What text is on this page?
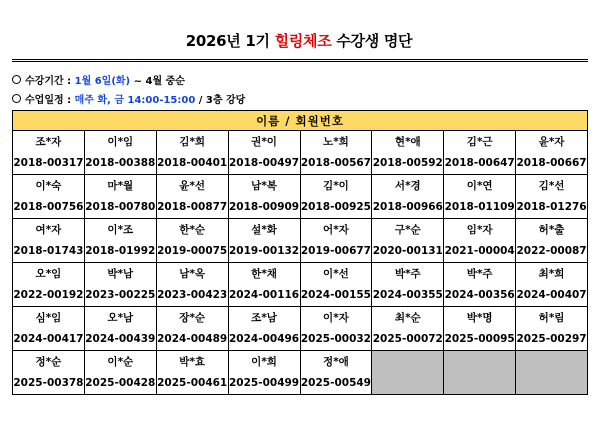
2026년 1기 힐링체조 수강생 명단
수강기간 : 1월 6일(화) ~ 4월 중순
수업일정 : 매주 화, 금 14:00-15:00 / 3층 강당
이름 / 회원번호							
조*자	이*임	김*희	권*이	노*희	현*애	김*근	윤*자
2018-00317	2018-00388	2018-00401	2018-00497	2018-00567	2018-00592	2018-00647	2018-00667
이*숙	마*월	윤*선	남*복	김*이	서*경	이*연	김*선
2018-00756	2018-00780	2018-00877	2018-00909	2018-00925	2018-00966	2018-01109	2018-01276
여*자	이*조	한*순	설*화	어*자	구*순	임*자	허*출
2018-01743	2018-01992	2019-00075	2019-00132	2019-00677	2020-00131	2021-00004	2022-00087
오*임	박*남	남*옥	한*채	이*선	박*주	박*주	최*희
2022-00192	2023-00225	2023-00423	2024-00116	2024-00155	2024-00355	2024-00356	2024-00407
심*임	오*남	장*순	조*남	이*자	최*순	박*명	허*림
2024-00417	2024-00439	2024-00489	2024-00496	2025-00032	2025-00072	2025-00095	2025-00297
정*순	이*순	박*효	이*희	정*애			
2025-00378	2025-00428	2025-00461	2025-00499	2025-00549			
